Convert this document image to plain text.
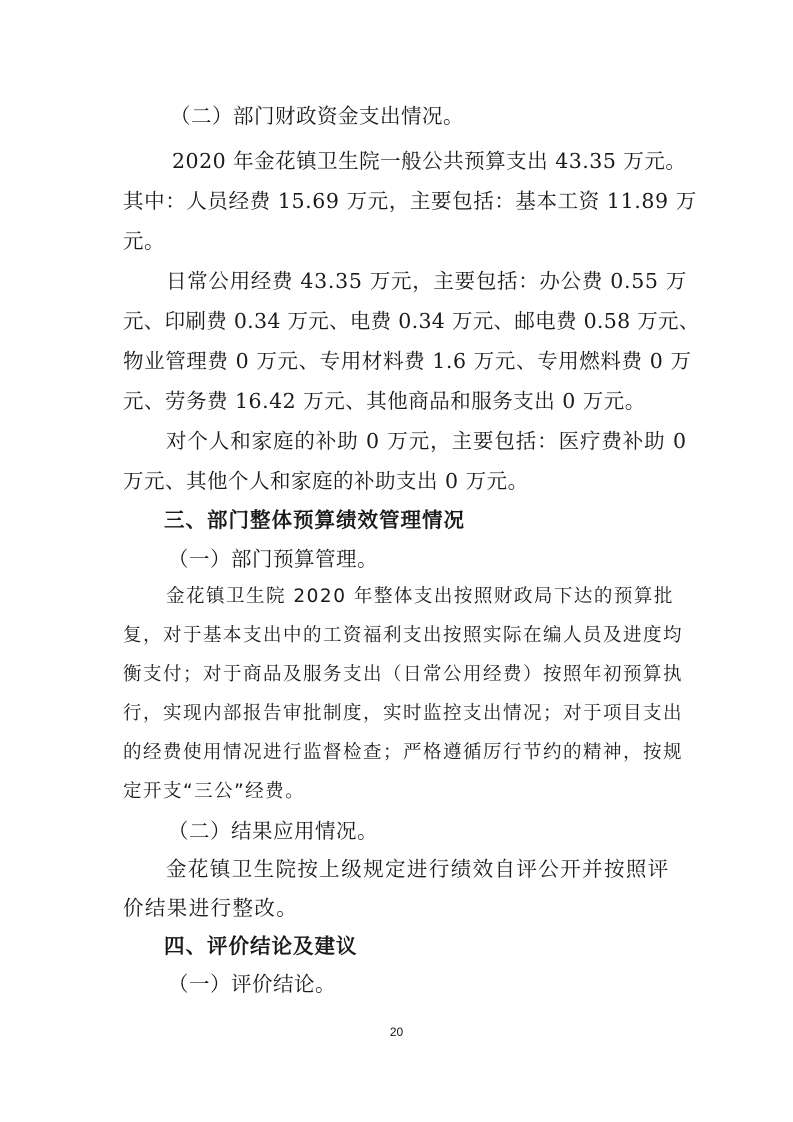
（二）部门财政资金支出情况。
2020 年金花镇卫生院一般公共预算支出 43.35 万元。
其中：人员经费 15.69 万元，主要包括：基本工资 11.89 万
元。
日常公用经费 43.35 万元，主要包括：办公费 0.55 万
元、印刷费 0.34 万元、电费 0.34 万元、邮电费 0.58 万元、
物业管理费 0 万元、专用材料费 1.6 万元、专用燃料费 0 万
元、劳务费 16.42 万元、其他商品和服务支出 0 万元。
对个人和家庭的补助 0 万元，主要包括：医疗费补助 0
万元、其他个人和家庭的补助支出 0 万元。
三、部门整体预算绩效管理情况
（一）部门预算管理。
金花镇卫生院 2020 年整体支出按照财政局下达的预算批
复，对于基本支出中的工资福利支出按照实际在编人员及进度均
衡支付；对于商品及服务支出（日常公用经费）按照年初预算执
行，实现内部报告审批制度，实时监控支出情况；对于项目支出
的经费使用情况进行监督检查；严格遵循厉行节约的精神，按规
定开支“三公”经费。
（二）结果应用情况。
金花镇卫生院按上级规定进行绩效自评公开并按照评
价结果进行整改。
四、评价结论及建议
（一）评价结论。
20
